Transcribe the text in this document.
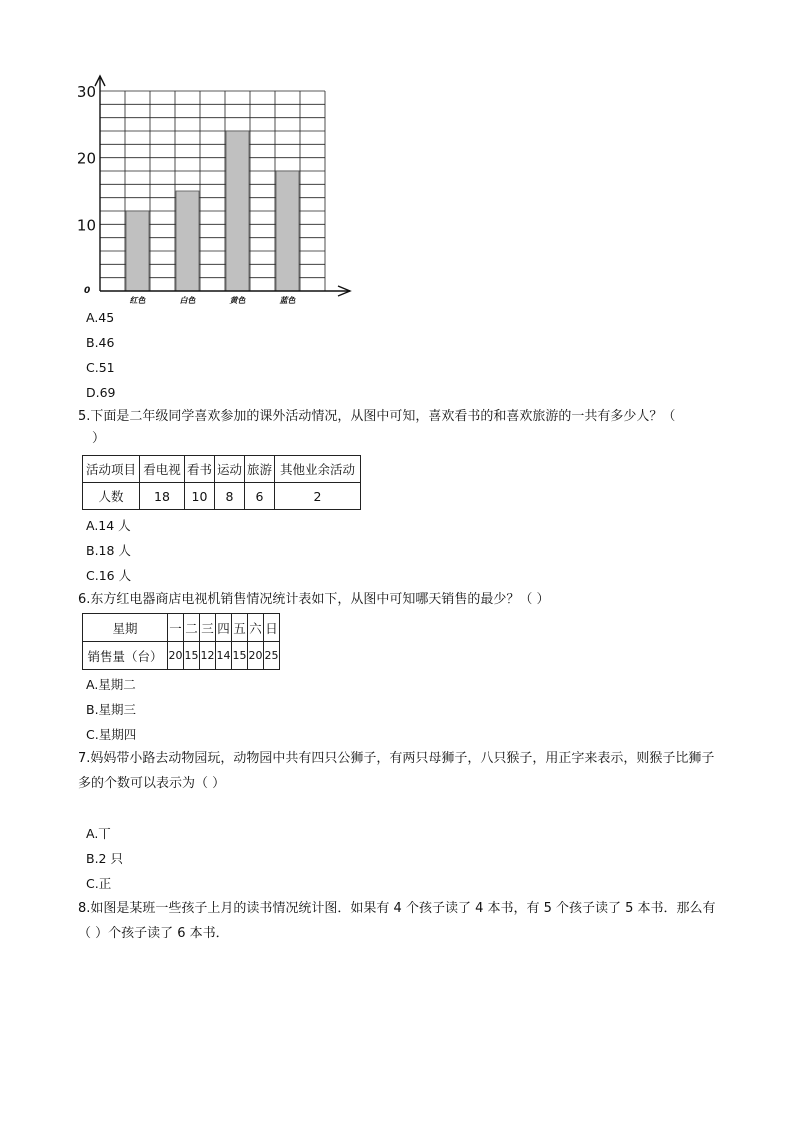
红色	白色	黄色	蓝色
0
10
20
30
A.45
B.46
C.51
D.69
5.下面是二年级同学喜欢参加的课外活动情况，从图中可知，喜欢看书的和喜欢旅游的一共有多少人？（
）
活动项目	看电视	看书	运动	旅游	其他业余活动
人数	18	10	8	6	2
A.14 人
B.18 人
C.16 人
6.东方红电器商店电视机销售情况统计表如下，从图中可知哪天销售的最少？（ ）
星期	一	二	三	四	五	六	日
销售量（台）	20	15	12	14	15	20	25
A.星期二
B.星期三
C.星期四
7.妈妈带小路去动物园玩，动物园中共有四只公狮子，有两只母狮子，八只猴子，用正字来表示，则猴子比狮子多的个数可以表示为（ ）
A.丅
B.2 只
C.正
8.如图是某班一些孩子上月的读书情况统计图．如果有 4 个孩子读了 4 本书，有 5 个孩子读了 5 本书．那么有（ ）个孩子读了 6 本书．
